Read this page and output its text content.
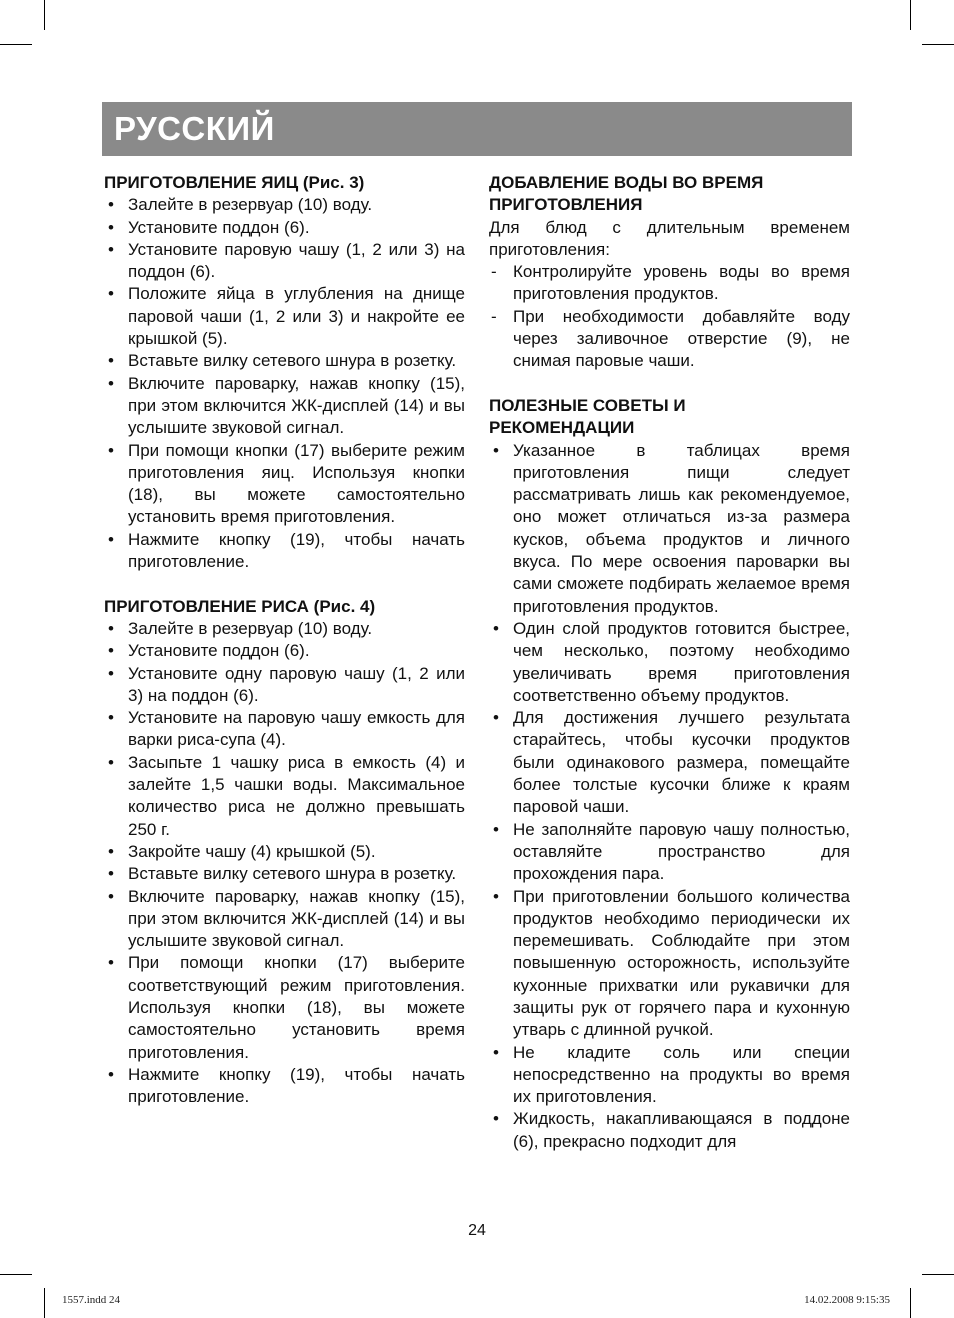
РУССКИЙ
ПРИГОТОВЛЕНИЕ ЯИЦ (Рис. 3)
• Залейте в резервуар (10) воду.
• Установите поддон (6).
• Установите паровую чашу (1, 2 или 3) на поддон (6).
• Положите яйца в углубления на днище паровой чаши (1, 2 или 3) и накройте ее крышкой (5).
• Вставьте вилку сетевого шнура в розетку.
• Включите пароварку, нажав кнопку (15), при этом включится ЖК-дисплей (14) и вы услышите звуковой сигнал.
• При помощи кнопки (17) выберите режим приготовления яиц. Используя кнопки (18), вы можете самостоятельно установить время приготовления.
• Нажмите кнопку (19), чтобы начать приготовление.
ПРИГОТОВЛЕНИЕ РИСА (Рис. 4)
• Залейте в резервуар (10) воду.
• Установите поддон (6).
• Установите одну паровую чашу (1, 2 или 3) на поддон (6).
• Установите на паровую чашу емкость для варки риса-супа (4).
• Засыпьте 1 чашку риса в емкость (4) и залейте 1,5 чашки воды. Максимальное количество риса не должно превышать 250 г.
• Закройте чашу (4) крышкой (5).
• Вставьте вилку сетевого шнура в розетку.
• Включите пароварку, нажав кнопку (15), при этом включится ЖК-дисплей (14) и вы услышите звуковой сигнал.
• При помощи кнопки (17) выберите соответствующий режим приготовления. Используя кнопки (18), вы можете самостоятельно установить время приготовления.
• Нажмите кнопку (19), чтобы начать приготовление.
ДОБАВЛЕНИЕ ВОДЫ ВО ВРЕМЯ
ПРИГОТОВЛЕНИЯ

Для блюд с длительным временем приготовления:

- Контролируйте уровень воды во время приготовления продуктов.
- При необходимости добавляйте воду через заливочное отверстие (9), не снимая паровые чаши.
ПОЛЕЗНЫЕ СОВЕТЫ И
РЕКОМЕНДАЦИИ
• Указанное в таблицах время приготовления пищи следует рассматривать лишь как рекомендуемое, оно может отличаться из-за размера кусков, объема продуктов и личного вкуса. По мере освоения пароварки вы сами сможете подбирать желаемое время приготовления продуктов.
• Один слой продуктов готовится быстрее, чем несколько, поэтому необходимо увеличивать время приготовления соответственно объему продуктов.
• Для достижения лучшего результата старайтесь, чтобы кусочки продуктов были одинакового размера, помещайте более толстые кусочки ближе к краям паровой чаши.
• Не заполняйте паровую чашу полностью, оставляйте пространство для прохождения пара.
• При приготовлении большого количества продуктов необходимо периодически их перемешивать. Соблюдайте при этом повышенную осторожность, используйте кухонные прихватки или рукавички для защиты рук от горячего пара и кухонную утварь с длинной ручкой.
• Не кладите соль или специи непосредственно на продукты во время их приготовления.
• Жидкость, накапливающаяся в поддоне (6), прекрасно подходит для
24
1557.indd 24	14.02.2008 9:15:35
